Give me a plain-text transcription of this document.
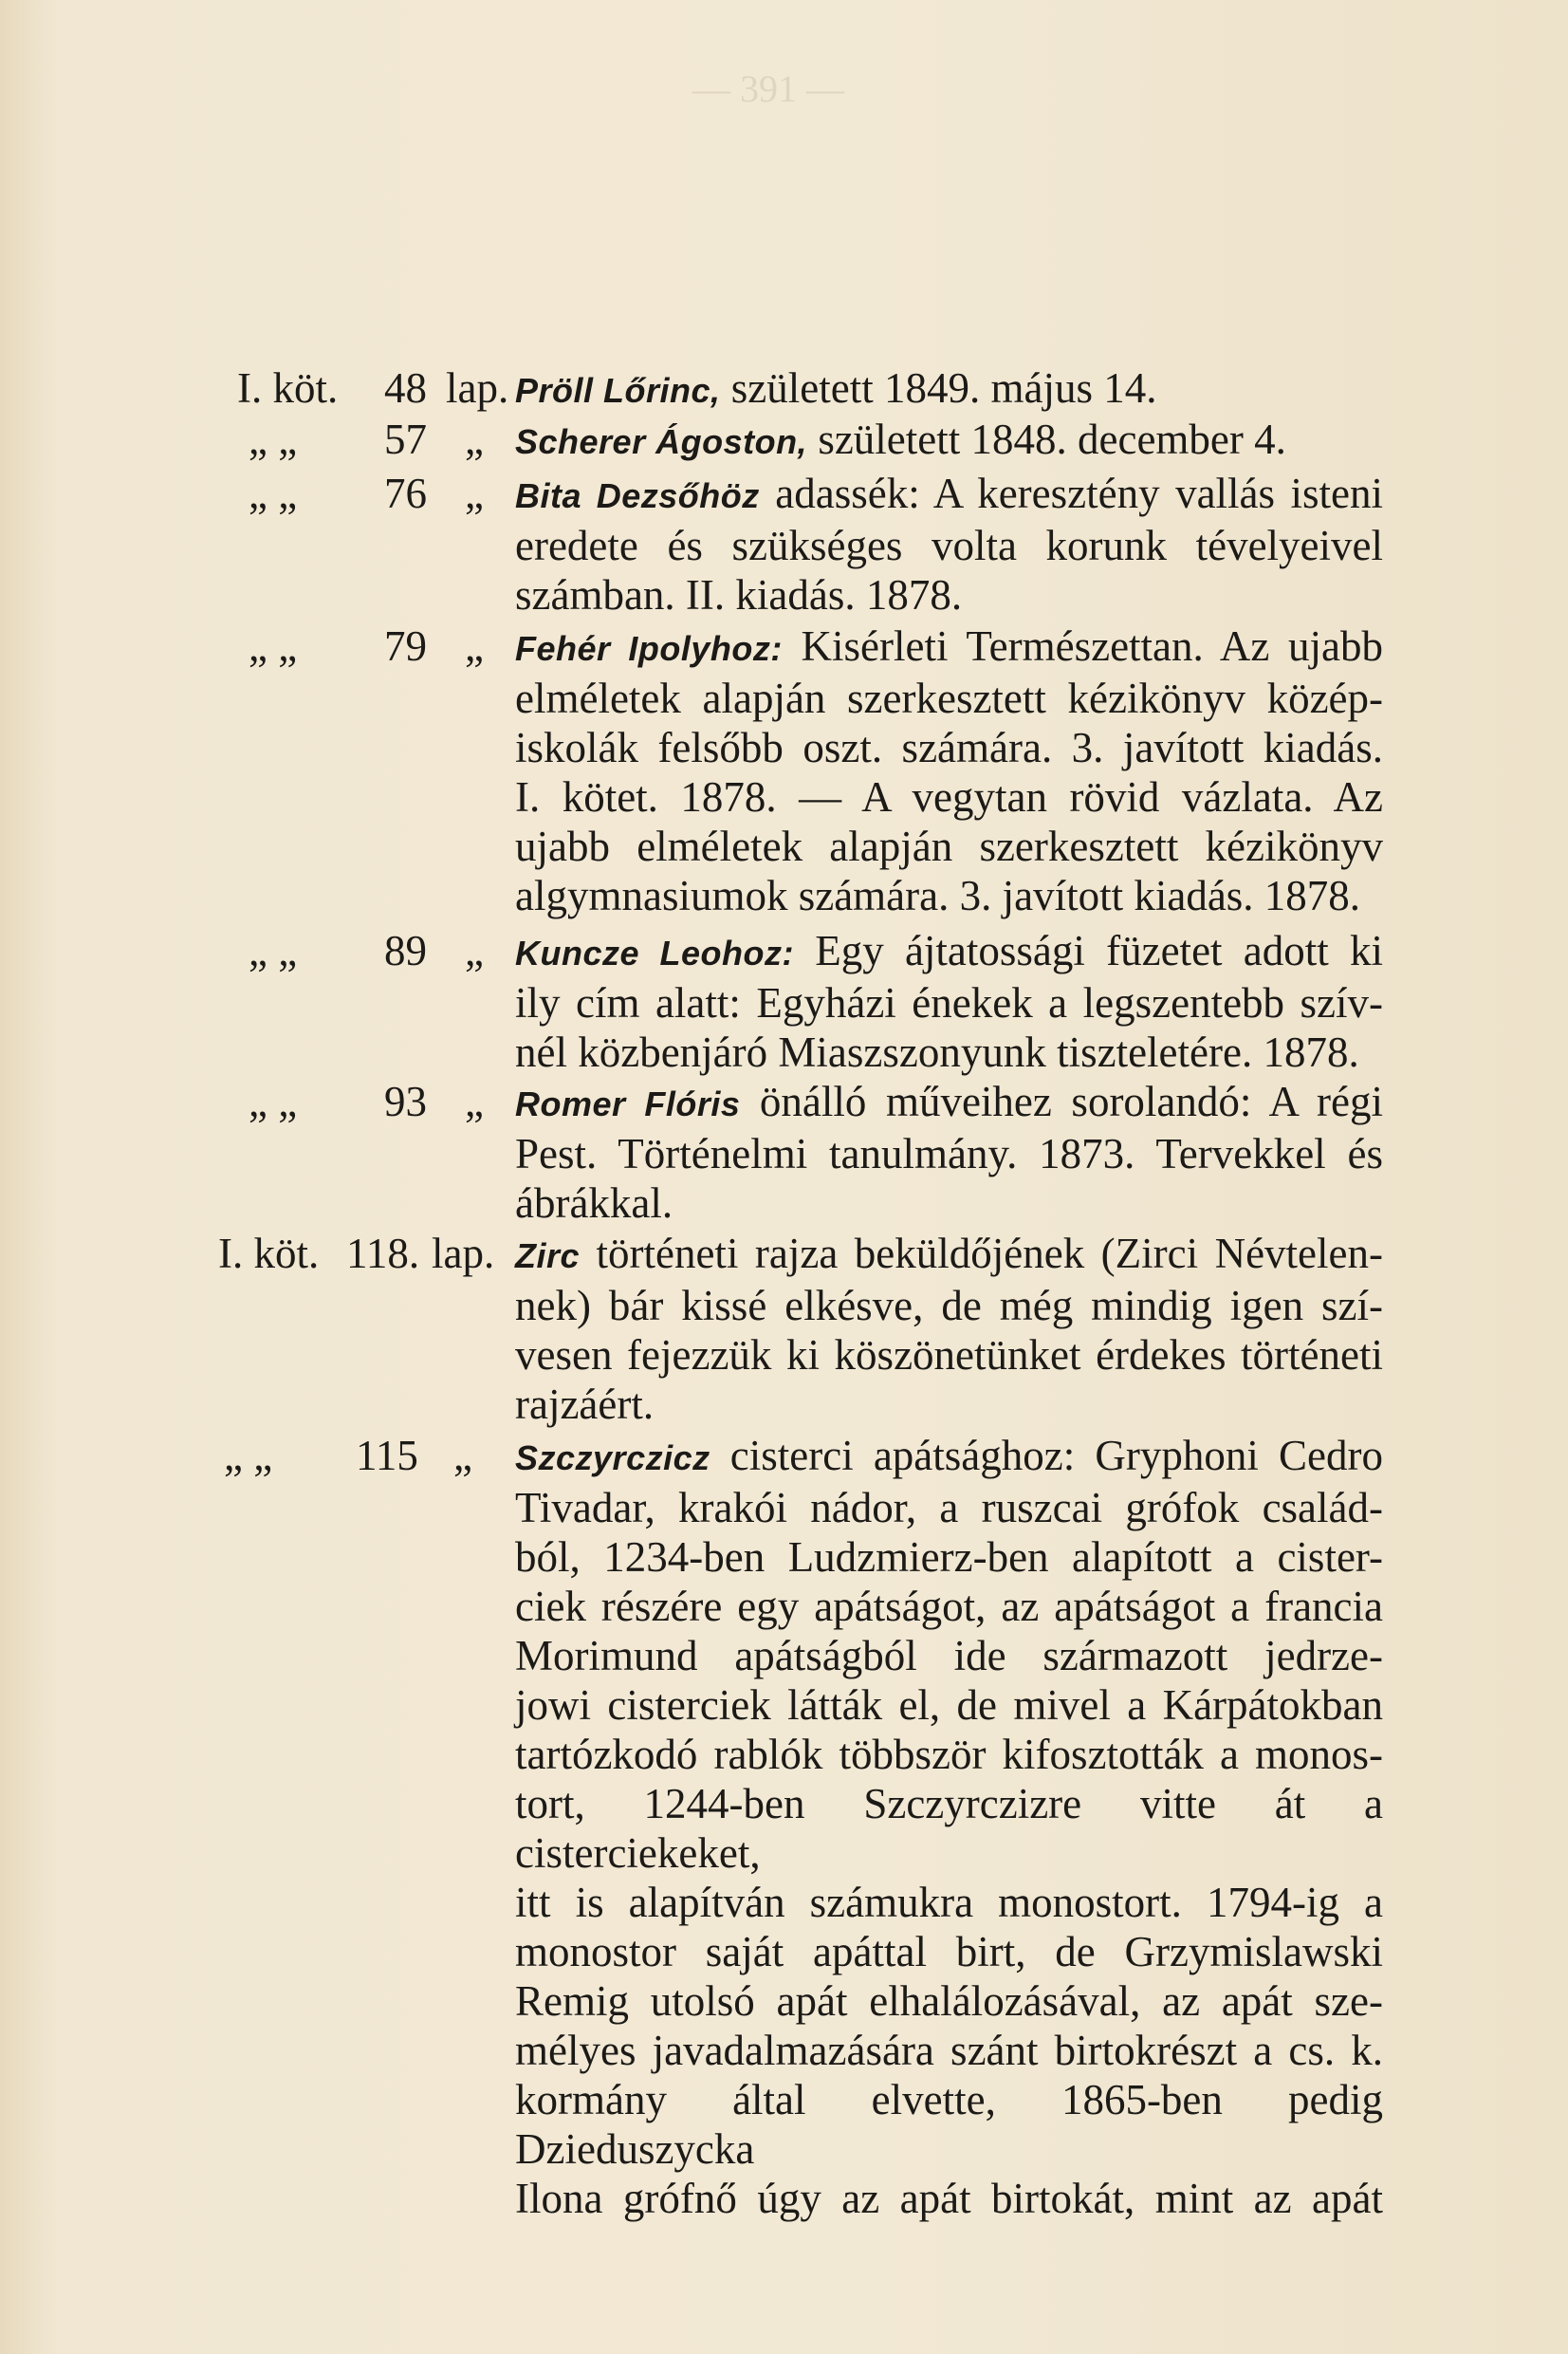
— 391 —

I. köt.

48

lap.

Pröll Lőrinc, született 1849. május 14.

„ „

57

„

Scherer Ágoston, született 1848. december 4.

„ „

76

„

Bita Dezsőhöz adassék: A keresztény vallás isteni
eredete és szükséges volta korunk tévelyeivel
számban. II. kiadás. 1878.

„ „

79

„

Fehér Ipolyhoz: Kisérleti Természettan. Az ujabb
elméletek alapján szerkesztett kézikönyv közép-
iskolák felsőbb oszt. számára. 3. javított kiadás.
I. kötet. 1878. — A vegytan rövid vázlata. Az
ujabb elméletek alapján szerkesztett kézikönyv
algymnasiumok számára. 3. javított kiadás. 1878.

„ „

89

„

Kuncze Leohoz: Egy ájtatossági füzetet adott ki
ily cím alatt: Egyházi énekek a legszentebb szív-
nél közbenjáró Miaszszonyunk tiszteletére. 1878.

„ „

93

„

Romer Flóris önálló műveihez sorolandó: A régi
Pest. Történelmi tanulmány. 1873. Tervekkel és
ábrákkal.

I. köt.

118.

lap.

Zirc történeti rajza beküldőjének (Zirci Névtelen-
nek) bár kissé elkésve, de még mindig igen szí-
vesen fejezzük ki köszönetünket érdekes történeti
rajzáért.

„ „

115

„

Szczyrczicz cisterci apátsághoz: Gryphoni Cedro
Tivadar, krakói nádor, a ruszcai grófok család-
ból, 1234-ben Ludzmierz-ben alapított a cister-
ciek részére egy apátságot, az apátságot a francia
Morimund apátságból ide származott jedrze-
jowi cisterciek látták el, de mivel a Kárpátokban
tartózkodó rablók többször kifosztották a monos-
tort, 1244-ben Szczyrczizre vitte át a cisterciekeket,
itt is alapítván számukra monostort. 1794-ig a
monostor saját apáttal birt, de Grzymislawski
Remig utolsó apát elhalálozásával, az apát sze-
mélyes javadalmazására szánt birtokrészt a cs. k.
kormány által elvette, 1865-ben pedig Dzieduszycka
Ilona grófnő úgy az apát birtokát, mint az apát
